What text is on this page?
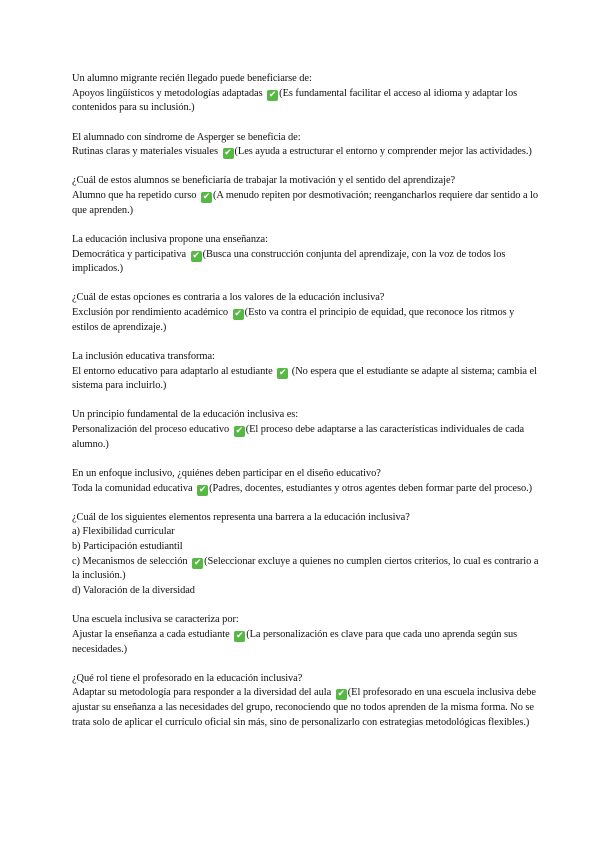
Un alumno migrante recién llegado puede beneficiarse de:

Apoyos lingüísticos y metodologías adaptadas ✔ (Es fundamental facilitar el acceso al idioma y adaptar los contenidos para su inclusión.)

El alumnado con síndrome de Asperger se beneficia de:

Rutinas claras y materiales visuales ✔ (Les ayuda a estructurar el entorno y comprender mejor las actividades.)

¿Cuál de estos alumnos se beneficiaría de trabajar la motivación y el sentido del aprendizaje?

Alumno que ha repetido curso ✔ (A menudo repiten por desmotivación; reengancharlos requiere dar sentido a lo que aprenden.)

La educación inclusiva propone una enseñanza:

Democrática y participativa ✔ (Busca una construcción conjunta del aprendizaje, con la voz de todos los implicados.)

¿Cuál de estas opciones es contraria a los valores de la educación inclusiva?

Exclusión por rendimiento académico ✔ (Esto va contra el principio de equidad, que reconoce los ritmos y estilos de aprendizaje.)

La inclusión educativa transforma:

El entorno educativo para adaptarlo al estudiante ✔ (No espera que el estudiante se adapte al sistema; cambia el sistema para incluirlo.)

Un principio fundamental de la educación inclusiva es:

Personalización del proceso educativo ✔ (El proceso debe adaptarse a las características individuales de cada alumno.)

En un enfoque inclusivo, ¿quiénes deben participar en el diseño educativo?

Toda la comunidad educativa ✔ (Padres, docentes, estudiantes y otros agentes deben formar parte del proceso.)

¿Cuál de los siguientes elementos representa una barrera a la educación inclusiva?

a) Flexibilidad curricular

b) Participación estudiantil

c) Mecanismos de selección ✔ (Seleccionar excluye a quienes no cumplen ciertos criterios, lo cual es contrario a la inclusión.)

d) Valoración de la diversidad

Una escuela inclusiva se caracteriza por:

Ajustar la enseñanza a cada estudiante ✔ (La personalización es clave para que cada uno aprenda según sus necesidades.)

¿Qué rol tiene el profesorado en la educación inclusiva?

Adaptar su metodología para responder a la diversidad del aula ✔ (El profesorado en una escuela inclusiva debe ajustar su enseñanza a las necesidades del grupo, reconociendo que no todos aprenden de la misma forma. No se trata solo de aplicar el currículo oficial sin más, sino de personalizarlo con estrategias metodológicas flexibles.)
